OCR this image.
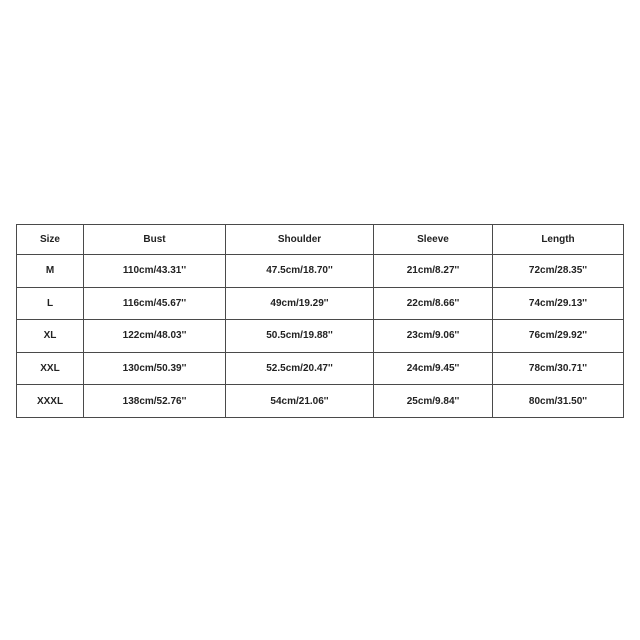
Size	Bust	Shoulder	Sleeve	Length
M	110cm/43.31''	47.5cm/18.70''	21cm/8.27''	72cm/28.35''
L	116cm/45.67''	49cm/19.29''	22cm/8.66''	74cm/29.13''
XL	122cm/48.03''	50.5cm/19.88''	23cm/9.06''	76cm/29.92''
XXL	130cm/50.39''	52.5cm/20.47''	24cm/9.45''	78cm/30.71''
XXXL	138cm/52.76''	54cm/21.06''	25cm/9.84''	80cm/31.50''
